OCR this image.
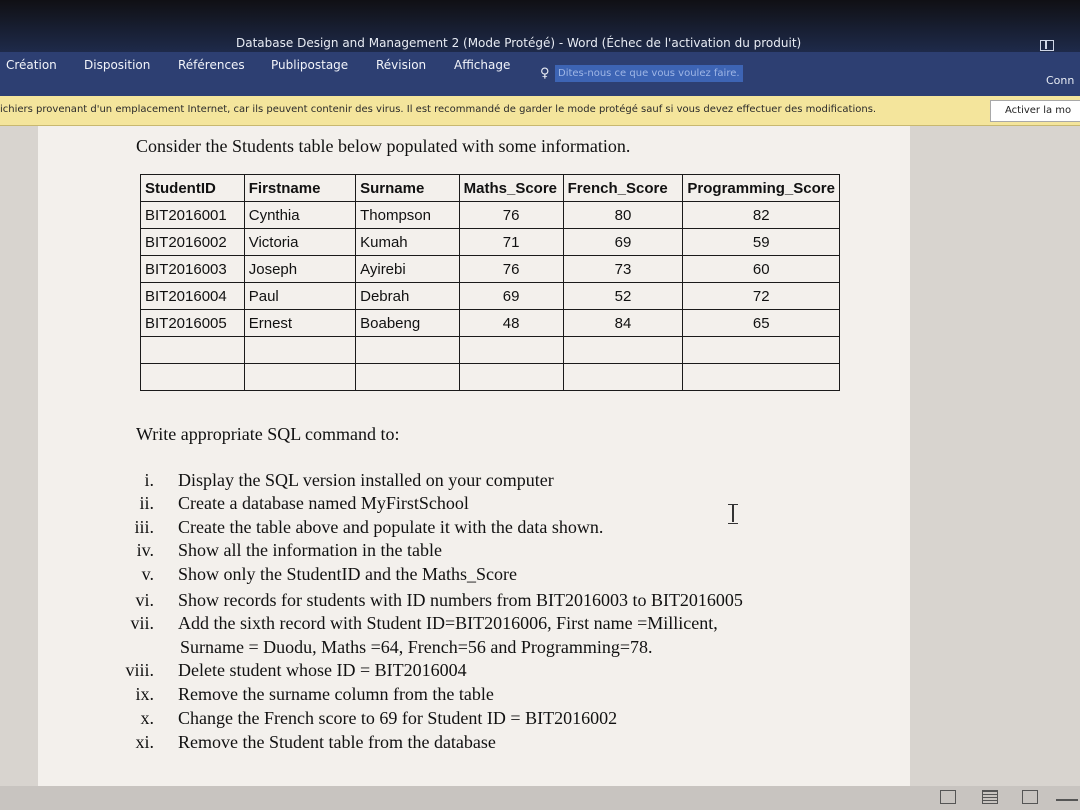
Database Design and Management 2 (Mode Protégé) - Word (Échec de l'activation du produit)
Création Disposition Références Publipostage Révision Affichage
♀ Dites-nous ce que vous voulez faire.
Conn
ichiers provenant d'un emplacement Internet, car ils peuvent contenir des virus. Il est recommandé de garder le mode protégé sauf si vous devez effectuer des modifications.	Activer la mo
Consider the Students table below populated with some information.
StudentID	Firstname	Surname	Maths_Score	French_Score	Programming_Score
BIT2016001	Cynthia	Thompson	76	80	82
BIT2016002	Victoria	Kumah	71	69	59
BIT2016003	Joseph	Ayirebi	76	73	60
BIT2016004	Paul	Debrah	69	52	72
BIT2016005	Ernest	Boabeng	48	84	65

Write appropriate SQL command to:
i. Display the SQL version installed on your computer
ii. Create a database named MyFirstSchool
iii. Create the table above and populate it with the data shown.
iv. Show all the information in the table
v. Show only the StudentID and the Maths_Score
vi. Show records for students with ID numbers from BIT2016003 to BIT2016005
vii. Add the sixth record with Student ID=BIT2016006, First name =Millicent,
Surname = Duodu, Maths =64, French=56 and Programming=78.
viii. Delete student whose ID = BIT2016004
ix. Remove the surname column from the table
x. Change the French score to 69 for Student ID = BIT2016002
xi. Remove the Student table from the database
